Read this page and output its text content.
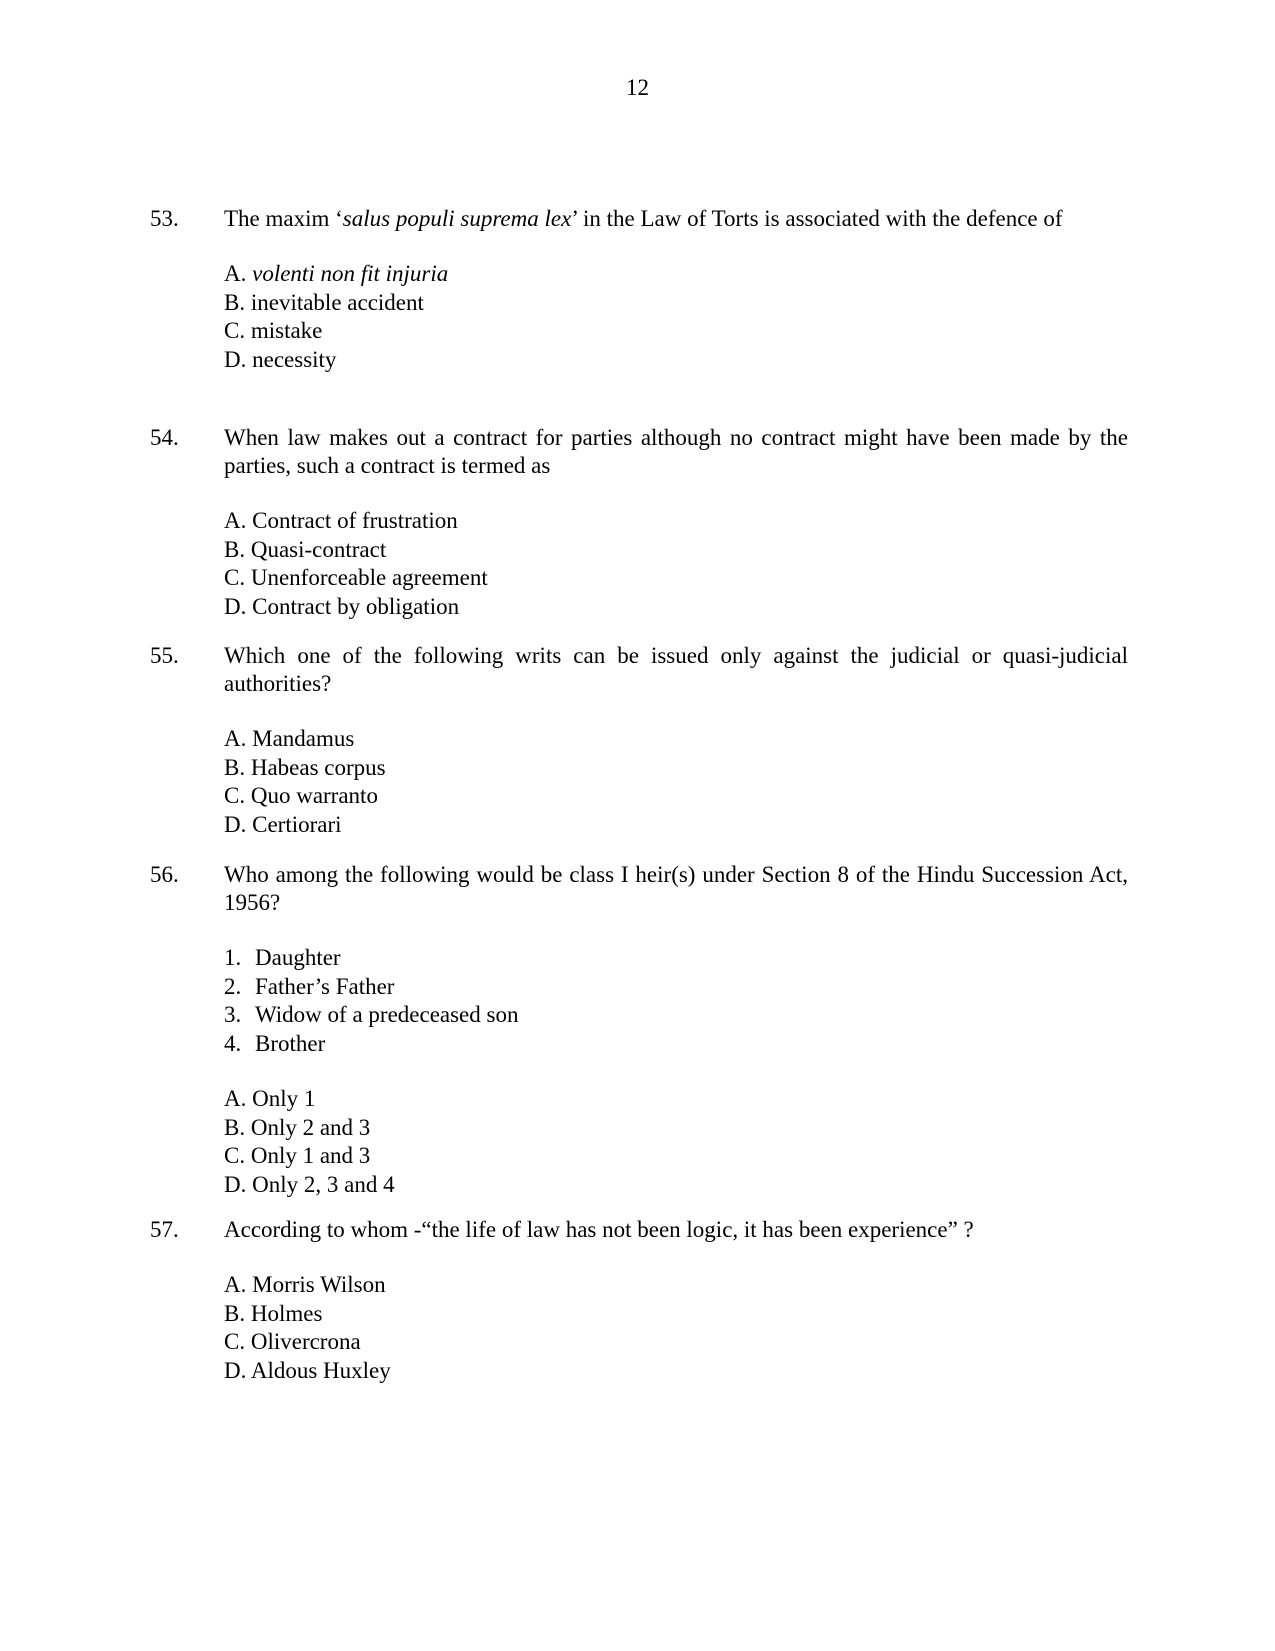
12
53. The maxim ‘salus populi suprema lex’ in the Law of Torts is associated with the defence of
A. volenti non fit injuria
B. inevitable accident
C. mistake
D. necessity
54. When law makes out a contract for parties although no contract might have been made by the parties, such a contract is termed as
A. Contract of frustration
B. Quasi-contract
C. Unenforceable agreement
D. Contract by obligation
55. Which one of the following writs can be issued only against the judicial or quasi-judicial authorities?
A. Mandamus
B. Habeas corpus
C. Quo warranto
D. Certiorari
56. Who among the following would be class I heir(s) under Section 8 of the Hindu Succession Act, 1956?
1. Daughter
2. Father’s Father
3. Widow of a predeceased son
4. Brother
A. Only 1
B. Only 2 and 3
C. Only 1 and 3
D. Only 2, 3 and 4
57. According to whom -“the life of law has not been logic, it has been experience” ?
A. Morris Wilson
B. Holmes
C. Olivercrona
D. Aldous Huxley
